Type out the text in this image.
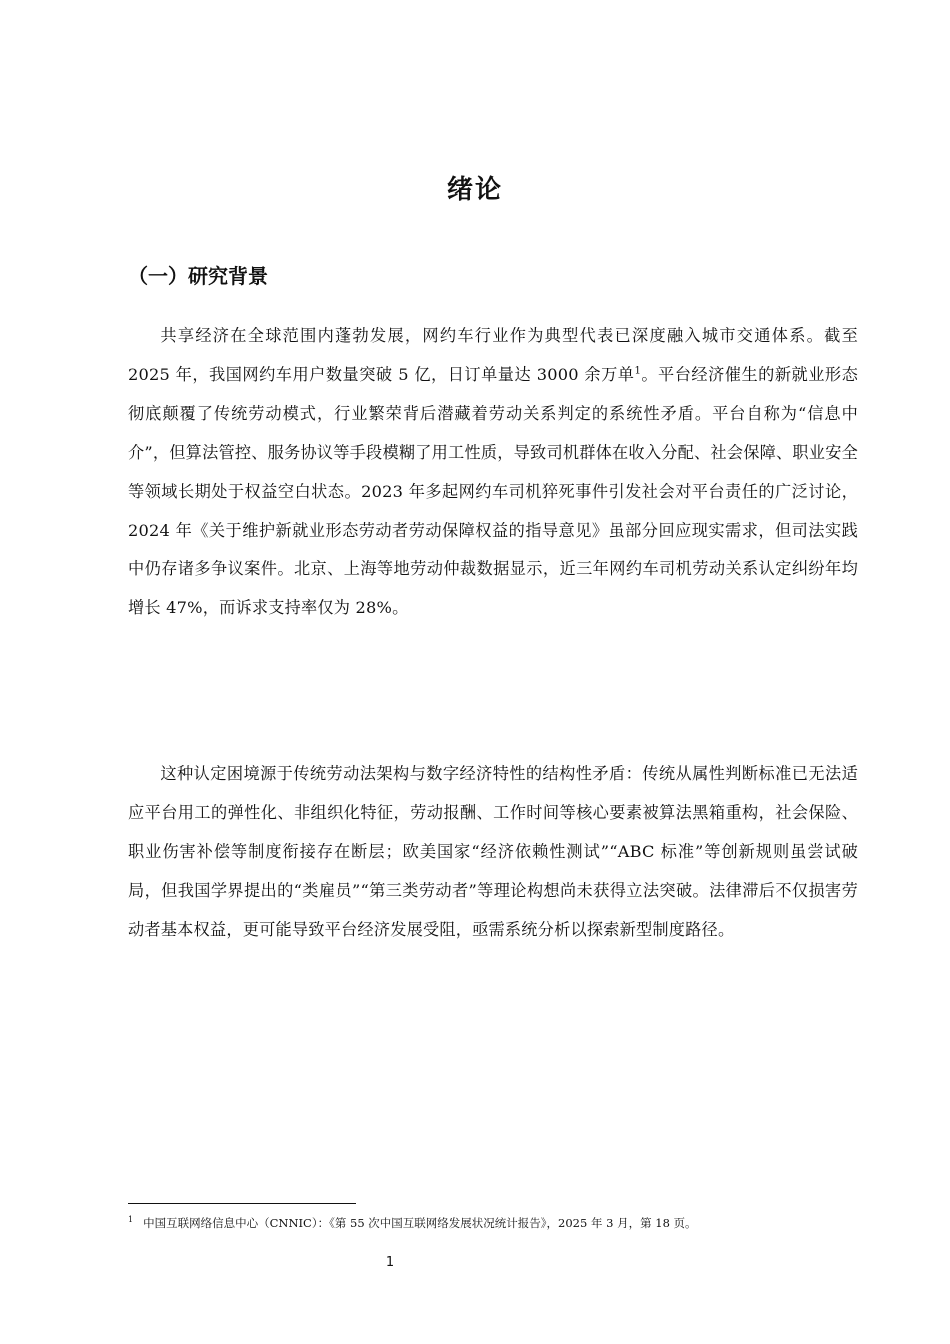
绪论
（一）研究背景

共享经济在全球范围内蓬勃发展，网约车行业作为典型代表已深度融入城市交通体系。截至 2025 年，我国网约车用户数量突破 5 亿，日订单量达 3000 余万单$^1$。平台经济催生的新就业形态彻底颠覆了传统劳动模式，行业繁荣背后潜藏着劳动关系判定的系统性矛盾。平台自称为“信息中介”，但算法管控、服务协议等手段模糊了用工性质，导致司机群体在收入分配、社会保障、职业安全等领域长期处于权益空白状态。2023 年多起网约车司机猝死事件引发社会对平台责任的广泛讨论，2024 年《关于维护新就业形态劳动者劳动保障权益的指导意见》虽部分回应现实需求，但司法实践中仍存诸多争议案件。北京、上海等地劳动仲裁数据显示，近三年网约车司机劳动关系认定纠纷年均增长 47%，而诉求支持率仅为 28%。

这种认定困境源于传统劳动法架构与数字经济特性的结构性矛盾：传统从属性判断标准已无法适应平台用工的弹性化、非组织化特征，劳动报酬、工作时间等核心要素被算法黑箱重构，社会保险、职业伤害补偿等制度衔接存在断层；欧美国家“经济依赖性测试”“ABC 标准”等创新规则虽尝试破局，但我国学界提出的“类雇员”“第三类劳动者”等理论构想尚未获得立法突破。法律滞后不仅损害劳动者基本权益，更可能导致平台经济发展受阻，亟需系统分析以探索新型制度路径。

$^1$ 中国互联网络信息中心（CNNIC）：《第 55 次中国互联网络发展状况统计报告》，2025 年 3 月，第 18 页。
1
